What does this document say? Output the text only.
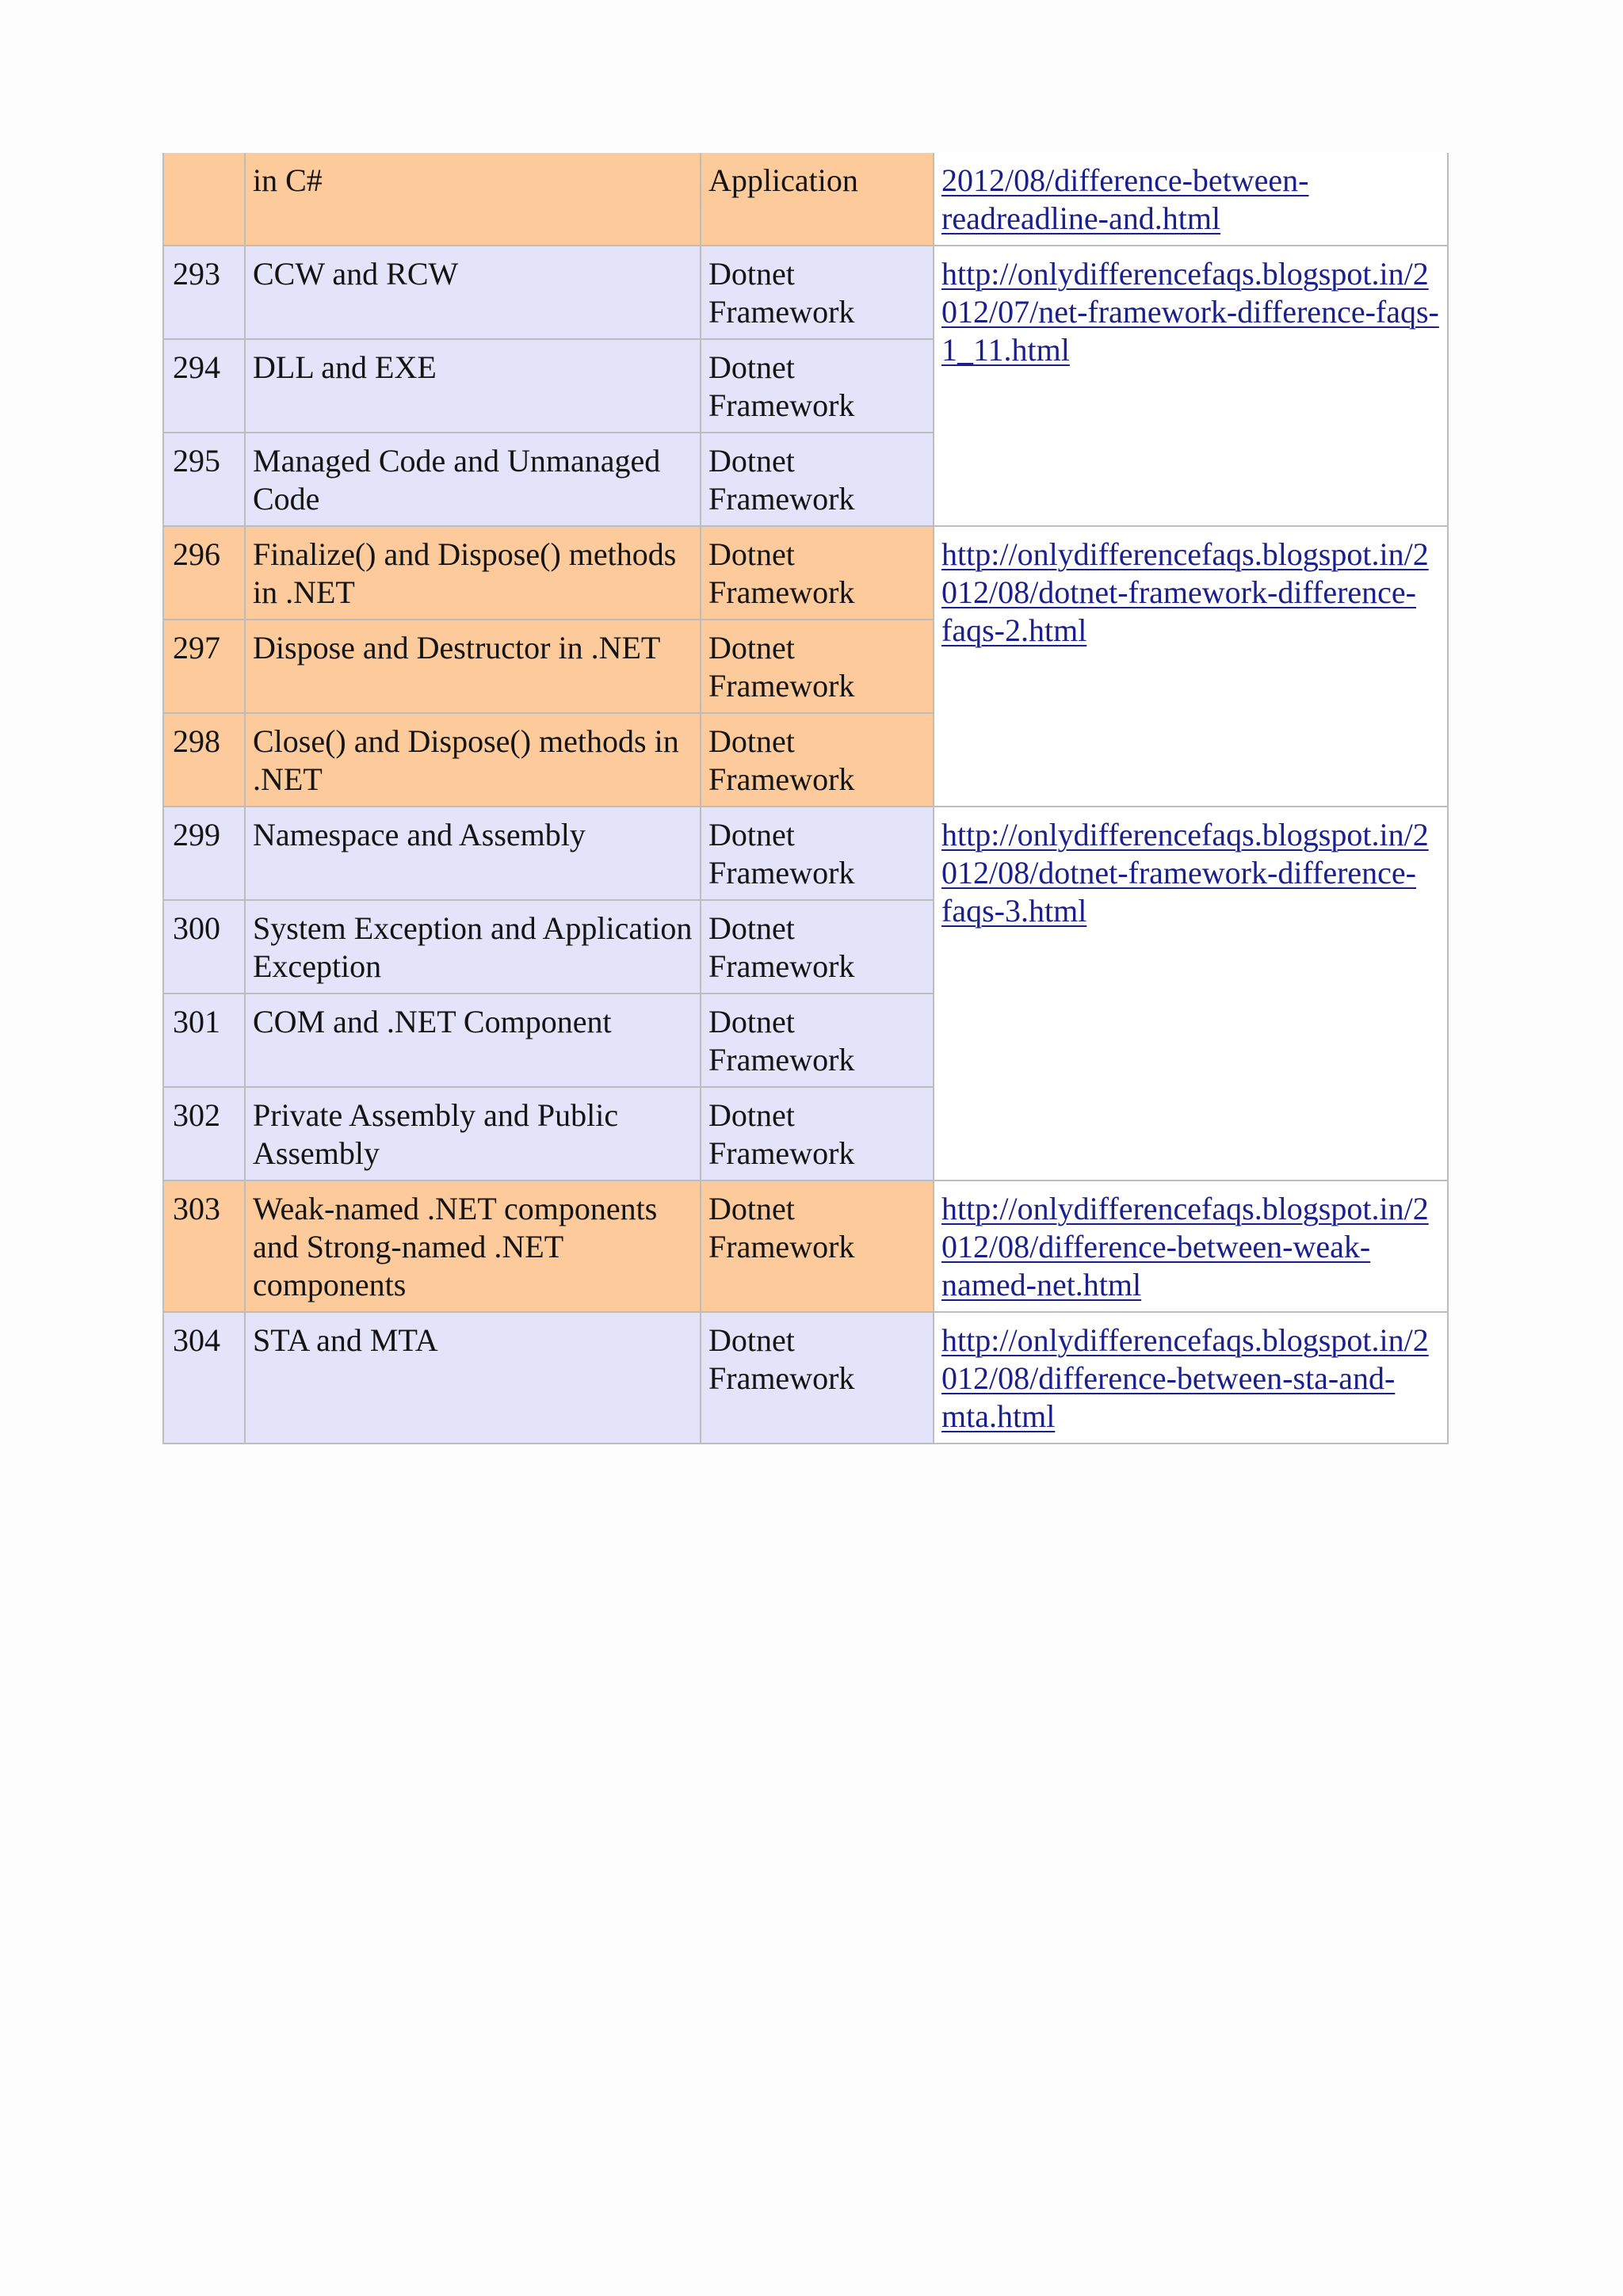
	in C#	Application	2012/08/difference-between-readreadline-and.html
293	CCW and RCW	Dotnet Framework	http://onlydifferencefaqs.blogspot.in/2012/07/net-framework-difference-faqs-1_11.html
294	DLL and EXE	Dotnet Framework	
295	Managed Code and Unmanaged Code	Dotnet Framework	
296	Finalize() and Dispose() methods in .NET	Dotnet Framework	http://onlydifferencefaqs.blogspot.in/2012/08/dotnet-framework-difference-faqs-2.html
297	Dispose and Destructor in .NET	Dotnet Framework	
298	Close() and Dispose() methods in .NET	Dotnet Framework	
299	Namespace and Assembly	Dotnet Framework	http://onlydifferencefaqs.blogspot.in/2012/08/dotnet-framework-difference-faqs-3.html
300	System Exception and Application Exception	Dotnet Framework	
301	COM and .NET Component	Dotnet Framework	
302	Private Assembly and Public Assembly	Dotnet Framework	
303	Weak-named .NET components and Strong-named .NET components	Dotnet Framework	http://onlydifferencefaqs.blogspot.in/2012/08/difference-between-weak-named-net.html
304	STA and MTA	Dotnet Framework	http://onlydifferencefaqs.blogspot.in/2012/08/difference-between-sta-and-mta.html
